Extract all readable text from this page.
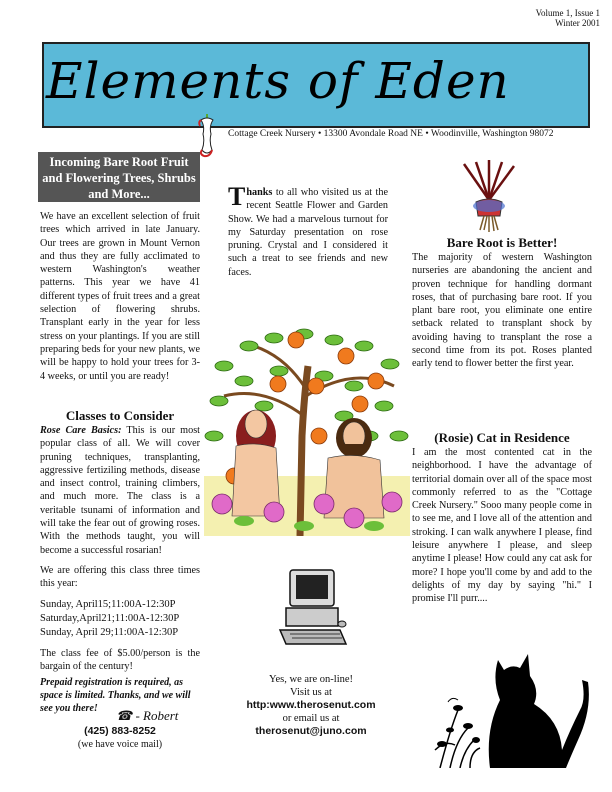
Volume 1, Issue 1
Winter 2001
Elements of Eden
Cottage Creek Nursery • 13300 Avondale Road NE • Woodinville, Washington 98072
Incoming Bare Root Fruit and Flowering Trees, Shrubs and More...
We have an excellent selection of fruit trees which arrived in late January. Our trees are grown in Mount Vernon and thus they are fully acclimated to western Washington's weather patterns. This year we have 41 different types of fruit trees and a great selection of flowering shrubs. Transplant early in the year for less stress on your plantings. If you are still preparing beds for your new plants, we will be happy to hold your trees for 3-4 weeks, or until you are ready!
Classes to Consider

Rose Care Basics: This is our most popular class of all. We will cover pruning techniques, transplanting, aggressive fertiziling methods, disease and insect control, training climbers, and much more. The class is a veritable tsunami of information and will take the fear out of growing roses. With the methods taught, you will become a successful rosarian!

We are offering this class three times this year:

Sunday, April15;11:00A-12:30P
Saturday,April21;11:00A-12:30P
Sunday, April 29;11:00A-12:30P

The class fee of $5.00/person is the bargain of the century!

Prepaid registration is required, as space is limited. Thanks, and we will see you there!	☎ - Robert
(425) 883-8252
(we have voice mail)
Thanks to all who visited us at the recent Seattle Flower and Garden Show. We had a marvelous turnout for my Saturday presentation on rose pruning. Crystal and I considered it such a treat to see friends and new faces.
Yes, we are on-line!
Visit us at
http:www.therosenut.com
or email us at
therosenut@juno.com
Bare Root is Better!
The majority of western Washington nurseries are abandoning the ancient and proven technique for handling dormant roses, that of purchasing bare root. If you plant bare root, you eliminate one entire setback related to transplant shock by avoiding having to transplant the rose a second time from its pot. Roses planted early tend to flower better the first year.
(Rosie) Cat in Residence
I am the most contented cat in the neighborhood. I have the advantage of territorial domain over all of the space most commonly referred to as the "Cottage Creek Nursery." Sooo many people come in to see me, and I love all of the attention and stroking. I can walk anywhere I please, find leisure anywhere I please, and sleep anytime I please! How could any cat ask for more? I hope you'll come by and add to the delights of my day by saying "hi." I promise I'll purr....
